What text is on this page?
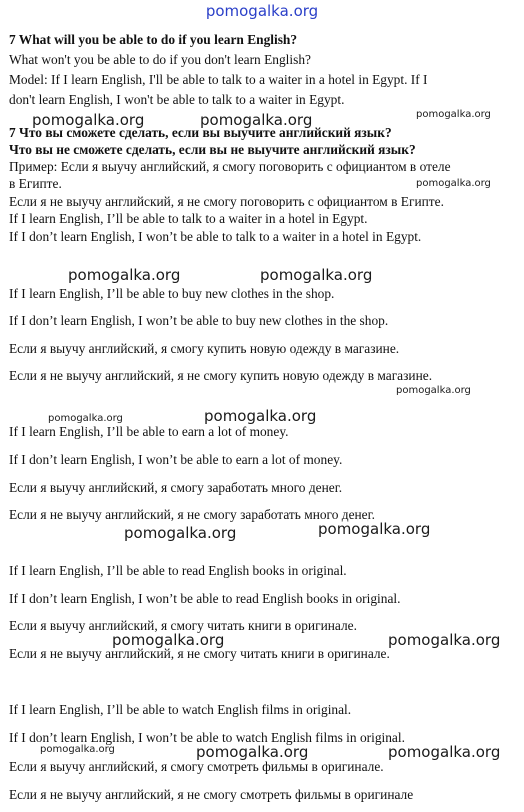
pomogalka.org
7 What will you be able to do if you learn English?
What won't you be able to do if you don't learn English?
Model: If I learn English, I'll be able to talk to a waiter in a hotel in Egypt. If I
don't learn English, I won't be able to talk to a waiter in Egypt.
7 Что вы сможете сделать, если вы выучите английский язык?
Что вы не сможете сделать, если вы не выучите английский язык?
Пример: Если я выучу английский, я смогу поговорить с официантом в отеле
в Египте.
Если я не выучу английский, я не смогу поговорить с официантом в Египте.
If I learn English, I’ll be able to talk to a waiter in a hotel in Egypt.
If I don’t learn English, I won’t be able to talk to a waiter in a hotel in Egypt.
If I learn English, I’ll be able to buy new clothes in the shop.
If I don’t learn English, I won’t be able to buy new clothes in the shop.
Если я выучу английский, я смогу купить новую одежду в магазине.
Если я не выучу английский, я не смогу купить новую одежду в магазине.
If I learn English, I’ll be able to earn a lot of money.
If I don’t learn English, I won’t be able to earn a lot of money.
Если я выучу английский, я смогу заработать много денег.
Если я не выучу английский, я не смогу заработать много денег.
If I learn English, I’ll be able to read English books in original.
If I don’t learn English, I won’t be able to read English books in original.
Если я выучу английский, я смогу читать книги в оригинале.
Если я не выучу английский, я не смогу читать книги в оригинале.
If I learn English, I’ll be able to watch English films in original.
If I don’t learn English, I won’t be able to watch English films in original.
Если я выучу английский, я смогу смотреть фильмы в оригинале.
Если я не выучу английский, я не смогу смотреть фильмы в оригинале
pomogalka.org	pomogalka.org	pomogalka.org
pomogalka.org
pomogalka.org	pomogalka.org
pomogalka.org
pomogalka.org	pomogalka.org
pomogalka.org	pomogalka.org
pomogalka.org	pomogalka.org
pomogalka.org	pomogalka.org	pomogalka.org
